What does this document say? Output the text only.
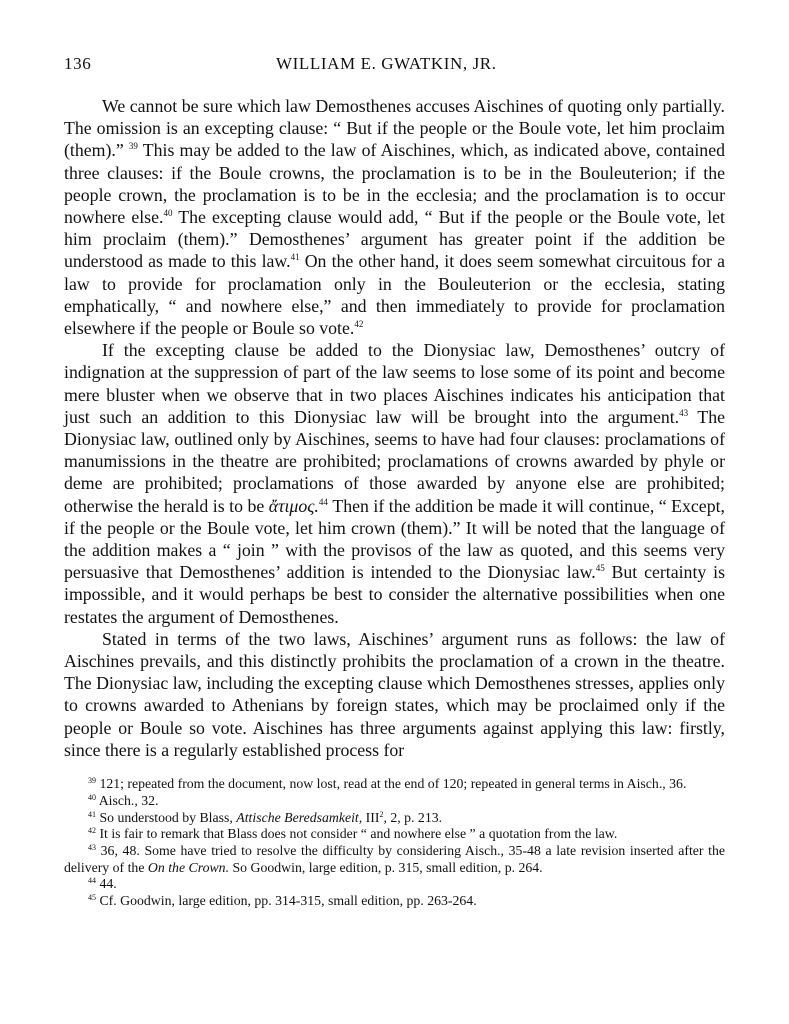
136	WILLIAM E. GWATKIN, JR.

We cannot be sure which law Demosthenes accuses Aischines of quoting only partially. The omission is an excepting clause: “ But if the people or the Boule vote, let him proclaim (them).” $^{39}$ This may be added to the law of Aischines, which, as indicated above, contained three clauses: if the Boule crowns, the proclamation is to be in the Bouleuterion; if the people crown, the proclamation is to be in the ecclesia; and the proclamation is to occur nowhere else.$^{40}$ The excepting clause would add, “ But if the people or the Boule vote, let him proclaim (them).” Demosthenes’ argument has greater point if the addition be understood as made to this law.$^{41}$ On the other hand, it does seem somewhat circuitous for a law to provide for proclamation only in the Bouleuterion or the ecclesia, stating emphatically, “ and nowhere else,” and then immediately to provide for proclamation elsewhere if the people or Boule so vote.$^{42}$

If the excepting clause be added to the Dionysiac law, Demosthenes’ outcry of indignation at the suppression of part of the law seems to lose some of its point and become mere bluster when we observe that in two places Aischines indicates his anticipation that just such an addition to this Dionysiac law will be brought into the argument.$^{43}$ The Dionysiac law, outlined only by Aischines, seems to have had four clauses: proclamations of manumissions in the theatre are prohibited; proclamations of crowns awarded by phyle or deme are prohibited; proclamations of those awarded by anyone else are prohibited; otherwise the herald is to be ἄτιμος.$^{44}$ Then if the addition be made it will continue, “ Except, if the people or the Boule vote, let him crown (them).” It will be noted that the language of the addition makes a “ join ” with the provisos of the law as quoted, and this seems very persuasive that Demosthenes’ addition is intended to the Dionysiac law.$^{45}$ But certainty is impossible, and it would perhaps be best to consider the alternative possibilities when one restates the argument of Demosthenes.

Stated in terms of the two laws, Aischines’ argument runs as follows: the law of Aischines prevails, and this distinctly prohibits the proclamation of a crown in the theatre. The Dionysiac law, including the excepting clause which Demosthenes stresses, applies only to crowns awarded to Athenians by foreign states, which may be proclaimed only if the people or Boule so vote. Aischines has three arguments against applying this law: firstly, since there is a regularly established process for

$^{39}$ 121; repeated from the document, now lost, read at the end of 120; repeated in general terms in Aisch., 36.

$^{40}$ Aisch., 32.

$^{41}$ So understood by Blass, Attische Beredsamkeit, III$^2$, 2, p. 213.

$^{42}$ It is fair to remark that Blass does not consider “ and nowhere else ” a quotation from the law.

$^{43}$ 36, 48. Some have tried to resolve the difficulty by considering Aisch., 35-48 a late revision inserted after the delivery of the On the Crown. So Goodwin, large edition, p. 315, small edition, p. 264.

$^{44}$ 44.

$^{45}$ Cf. Goodwin, large edition, pp. 314-315, small edition, pp. 263-264.
